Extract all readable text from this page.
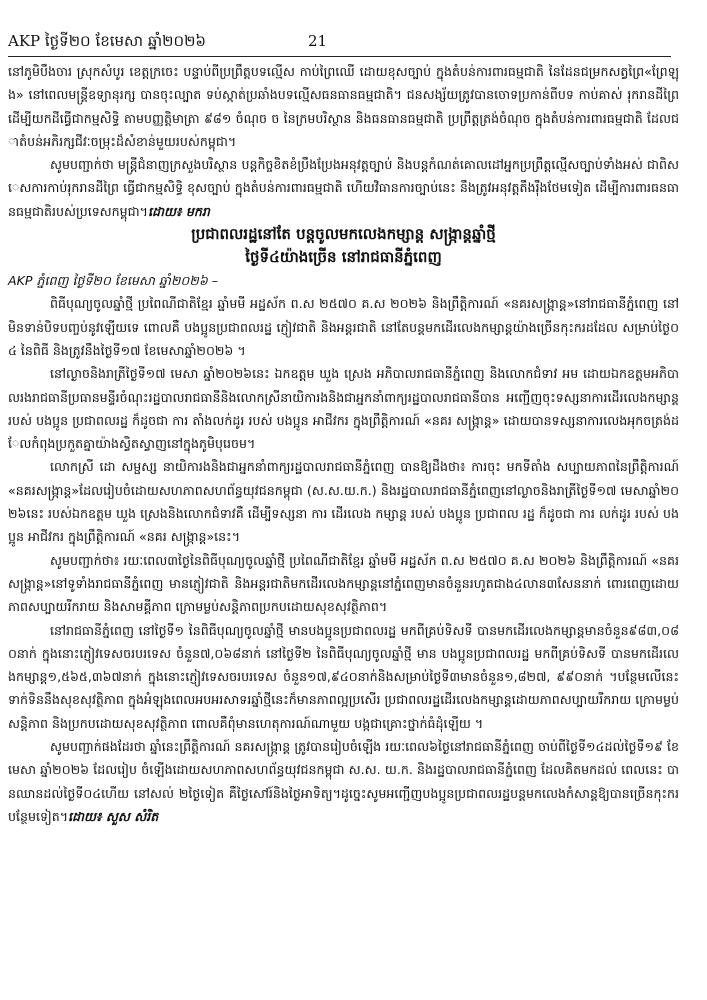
AKP ថ្ងៃទី២០ ខែមេសា ឆ្នាំ២០២៦	21

នៅភូមិបឹងចារ ស្រុកសំបូរ ខេត្តក្រចេះ បន្ទាប់ពីប្រព្រឹត្តបទល្មើស កាប់ព្រៃឈើ ដោយខុសច្បាប់ ក្នុងតំបន់ការពារធម្មជាតិ នៃដែនជម្រកសត្វព្រៃ«ព្រែឡុង» នៅពេលមន្ត្រីឧទ្យានុរក្ស បានចុះល្បាត ទប់ស្កាត់ប្រឆាំងបទល្មើសធនធានធម្មជាតិ។ ជនសង្ស័យត្រូវបានចោទប្រកាន់ពីបទ កាប់គាស់ រុករានដីព្រៃ ដើម្បីយកដីធ្វើជាកម្មសិទ្ធិ តាមបញ្ញត្តិមាត្រា ៩៨១ ចំណុច ច នៃក្រមបរិស្ថាន និងធនធានធម្មជាតិ ប្រព្រឹត្តត្រង់ចំណុច ក្នុងតំបន់ការពារធម្មជាតិ ដែលជាតំបន់អភិរក្សជីវៈចម្រុះដ៏សំខាន់មួយរបស់កម្ពុជា។

សូមបញ្ជាក់ថា មន្ត្រីជំនាញក្រសួងបរិស្ថាន បន្តកិច្ចខិតខំប្រឹងប្រែងអនុវត្តច្បាប់ និងបន្តកំណត់គោលដៅអ្នកប្រព្រឹត្តល្មើសច្បាប់ទាំងអស់ ជាពិសេសការកាប់រុករានដីព្រៃ ធ្វើជាកម្មសិទ្ធិ ខុសច្បាប់ ក្នុងតំបន់ការពារធម្មជាតិ ហើយវិធានការច្បាប់នេះ នឹងត្រូវអនុវត្តតឹងរ៉ឹងថែមទៀត ដើម្បីការពារធនធានធម្មជាតិរបស់ប្រទេសកម្ពុជា។ដោយ៖ មករា

ប្រជាពលរដ្ឋនៅតែ បន្តចូលមកលេងកម្សាន្ត សង្ក្រាន្តឆ្នាំថ្មី

ថ្ងៃទី៤យ៉ាងច្រើន នៅរាជធានីភ្នំពេញ

AKP ភ្នំពេញ ថ្ងៃទី២០ ខែមេសា ឆ្នាំ២០២៦ –

ពិធីបុណ្យចូលឆ្នាំថ្មី ប្រពៃណីជាតិខ្មែរ ឆ្នាំមមី អដ្ឋស័ក ព.ស ២៥៧០ គ.ស ២០២៦ និងព្រឹត្តិការណ៍ «នគរសង្ក្រាន្ត»នៅរាជធានីភ្នំពេញ នៅមិនទាន់បិទបញ្ចប់នូវឡើយទេ ពោលគឺ បងប្អូនប្រជាពលរដ្ឋ ភ្ញៀវជាតិ និងអន្តរជាតិ នៅតែបន្តមកដើរលេងកម្សាន្តយ៉ាងច្រើនកុះករដដែល សម្រាប់ថ្ងៃ០៤ នៃពិធី និងត្រូវនឹងថ្ងៃទី១៧ ខែមេសាឆ្នាំ២០២៦ ។

នៅល្ងាចនិងរាត្រីថ្ងៃទី១៧ មេសា ឆ្នាំ២០២៦នេះ ឯកឧត្តម ឃួង ស្រេង អភិបាលរាជធានីភ្នំពេញ និងលោកជំទាវ អម ដោយឯកឧត្តមអភិបាលរងរាជធានីប្រធានមន្ទីរចំណុះរដ្ឋបាលរាជធានីនិងលោកស្រីនាយិការងនិងជាអ្នកនាំពាក្យរដ្ឋបាលរាជធានីបាន អញ្ជើញចុះទស្សនាការដើរលេងកម្សាន្ត របស់ បងប្អូន ប្រជាពលរដ្ឋ ក៏ដូចជា ការ តាំងលក់ដូរ របស់ បងប្អូន អាជីវករ ក្នុងព្រឹត្តិការណ៍ «នគរ សង្ក្រាន្ត» ដោយបានទស្សនាការលេងអុកចត្រង់ដែលកំពុងប្រកួតគ្នាយ៉ាងស្វិតស្វាញនៅក្នុងភូមិបុរេចម។

លោកស្រី ដោ សម្ផស្ស នាយិការងនិងជាអ្នកនាំពាក្យរដ្ឋបាលរាជធានីភ្នំពេញ បានឱ្យដឹងថា៖ ការចុះ មកទីតាំង សប្បាយភាពនៃព្រឹត្តិការណ៍ «នគរសង្ក្រាន្ត»ដែលរៀបចំដោយសហភាពសហព័ន្ធយុវជនកម្ពុជា (ស.ស.យ.ក.) និងរដ្ឋបាលរាជធានីភ្នំពេញនៅល្ងាចនិងរាត្រីថ្ងៃទី១៧ មេសាឆ្នាំ២០២៦នេះ របស់ឯកឧត្តម ឃួង ស្រេងនិងលោកជំទាវគឺ ដើម្បីទស្សនា ការ ដើរលេង កម្សាន្ត របស់ បងប្អូន ប្រជាពល រដ្ឋ ក៏ដូចជា ការ លក់ដូរ របស់ បងប្អូន អាជីវករ ក្នុងព្រឹត្តិការណ៍ «នគរ សង្ក្រាន្ត»នេះ។

សូមបញ្ជាក់ថា៖ រយៈពេល៣ថ្ងៃនៃពិធីបុណ្យចូលឆ្នាំថ្មី ប្រពៃណីជាតិខ្មែរ ឆ្នាំមមី អដ្ឋស័ក ព.ស ២៥៧០ គ.ស ២០២៦ និងព្រឹត្តិការណ៍ «នគរសង្ក្រាន្ត»នៅទូទាំងរាជធានីភ្នំពេញ មានភ្ញៀវជាតិ និងអន្តរជាតិមកដើរលេងកម្សាន្តនៅភ្នំពេញមានចំនួនរហូតជាង៤លាន៣សែននាក់ ពោរពេញដោយភាពសប្បាយរីករាយ និងសាមគ្គីភាព ក្រោមម្លប់សន្តិភាពប្រកបដោយសុខសុវត្ថិភាព។

នៅរាជធានីភ្នំពេញ នៅថ្ងៃទី១ នៃពិធីបុណ្យចូលឆ្នាំថ្មី មានបងប្អូនប្រជាពលរដ្ឋ មកពីគ្រប់ទិសទី បានមកដើរលេងកម្សាន្តមានចំនួន៩៨៣,០៨០នាក់ ក្នុងនោះភ្ញៀវទេសចរបរទេស ចំនួន៧,០៦៨នាក់ នៅថ្ងៃទី២ នៃពិធីបុណ្យចូលឆ្នាំថ្មី មាន បងប្អូនប្រជាពលរដ្ឋ មកពីគ្រប់ទិសទី បានមកដើរលេងកម្សាន្ត១,៥៦៥,៣៦៧នាក់ ក្នុងនោះភ្ញៀវទេសចរបរទេស ចំនួន១៧,៩៤០នាក់និងសម្រាប់ថ្ងៃទី៣មានចំនួន១,៨២៧, ៩៩០នាក់ ។បន្ថែមលើនេះ ទាក់ទិននឹងសុខសុវត្ថិភាព ក្នុងអំឡុងពេលអបអរសាទរឆ្នាំថ្មីនេះក៏មានភាពល្អប្រសើរ ប្រជាពលរដ្ឋដើរលេងកម្សាន្តដោយភាពសប្បាយរីករាយ ក្រោមម្លប់សន្តិភាព និងប្រកបដោយសុខសុវត្ថិភាព ពោលគឺពុំមានហេតុការណ៍ណាមួយ បង្កជាគ្រោះថ្នាក់ធំដុំឡើយ ។

សូមបញ្ជាក់ផងដែរថា ឆ្នាំនេះព្រឹត្តិការណ៍ នគរសង្ក្រាន្ត ត្រូវបានរៀបចំឡើង រយៈពេល៦ថ្ងៃនៅរាជធានីភ្នំពេញ ចាប់ពីថ្ងៃទី១៤ដល់ថ្ងៃទី១៩ ខែមេសា ឆ្នាំ២០២៦ ដែលរៀប ចំឡើងដោយសហភាពសហព័ន្ធយុវជនកម្ពុជា ស.ស. យ.ក. និងរដ្ឋបាលរាជធានីភ្នំពេញ ដែលគិតមកដល់ ពេលនេះ បានឈានដល់ថ្ងៃទី០៤ហើយ នៅសល់ ២ថ្ងៃទៀត គឺថ្ងៃសៅរ៍និងថ្ងៃអាទិត្យ។ដូច្នេះសូមអញ្ជើញបងប្អូនប្រជាពលរដ្ឋបន្តមកលេងកំសាន្តឱ្យបានច្រើនកុះករបន្ថែមទៀត។ដោយ៖ សួស សំរិត
